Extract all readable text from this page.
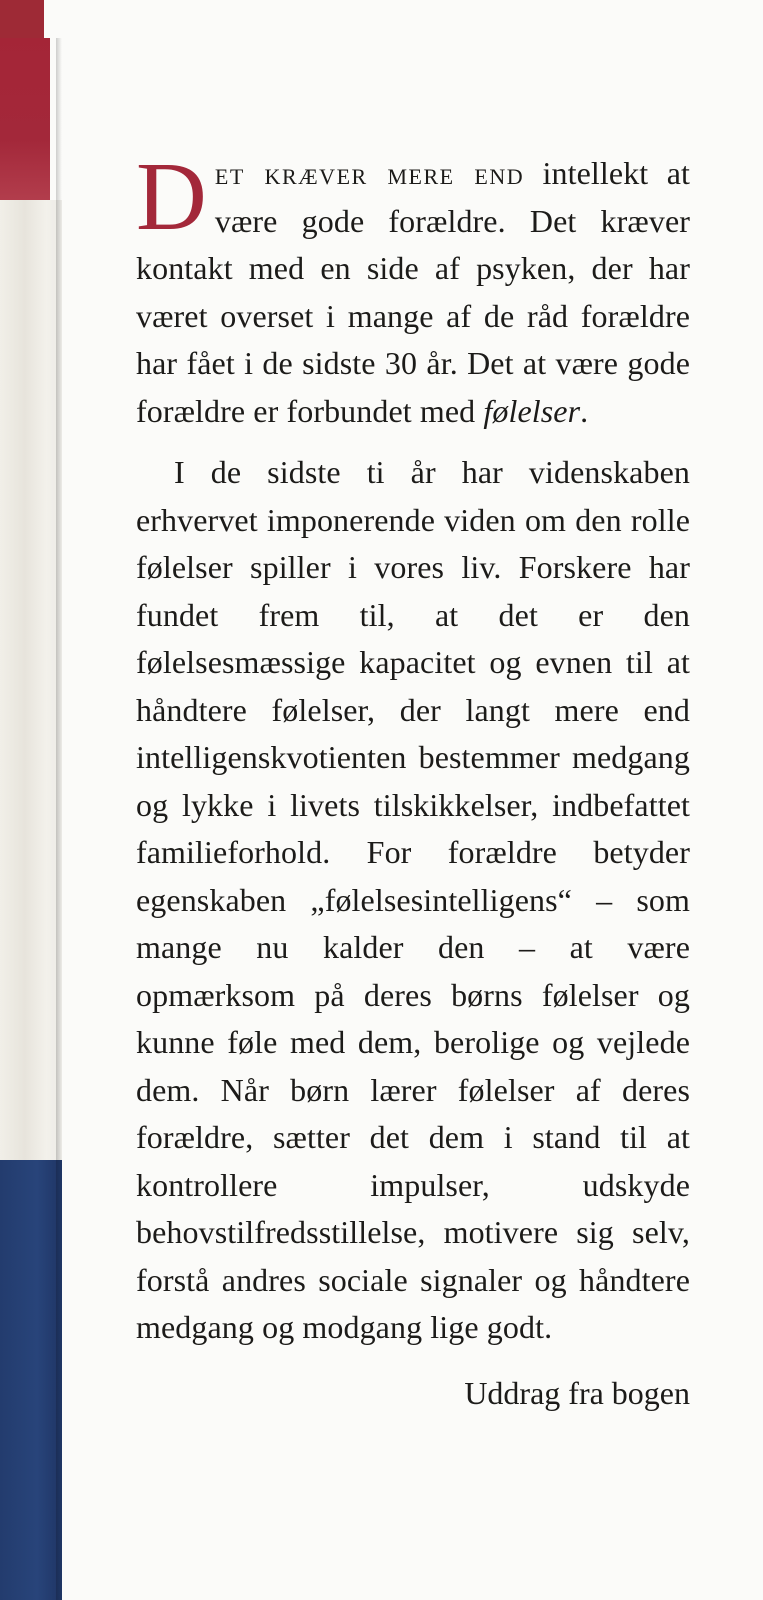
Det kræver mere end intellekt at være gode forældre. Det kræver kontakt med en side af psyken, der har været overset i mange af de råd forældre har fået i de sidste 30 år. Det at være gode forældre er forbundet med følelser.

I de sidste ti år har videnskaben erhvervet imponerende viden om den rolle følelser spiller i vores liv. Forskere har fundet frem til, at det er den følelsesmæssige kapacitet og evnen til at håndtere følelser, der langt mere end intelligenskvotienten bestemmer medgang og lykke i livets tilskikkelser, indbefattet familieforhold. For forældre betyder egenskaben „følelsesintelligens“ – som mange nu kalder den – at være opmærksom på deres børns følelser og kunne føle med dem, berolige og vejlede dem. Når børn lærer følelser af deres forældre, sætter det dem i stand til at kontrollere impulser, udskyde behovstilfredsstillelse, motivere sig selv, forstå andres sociale signaler og håndtere medgang og modgang lige godt.

Uddrag fra bogen
